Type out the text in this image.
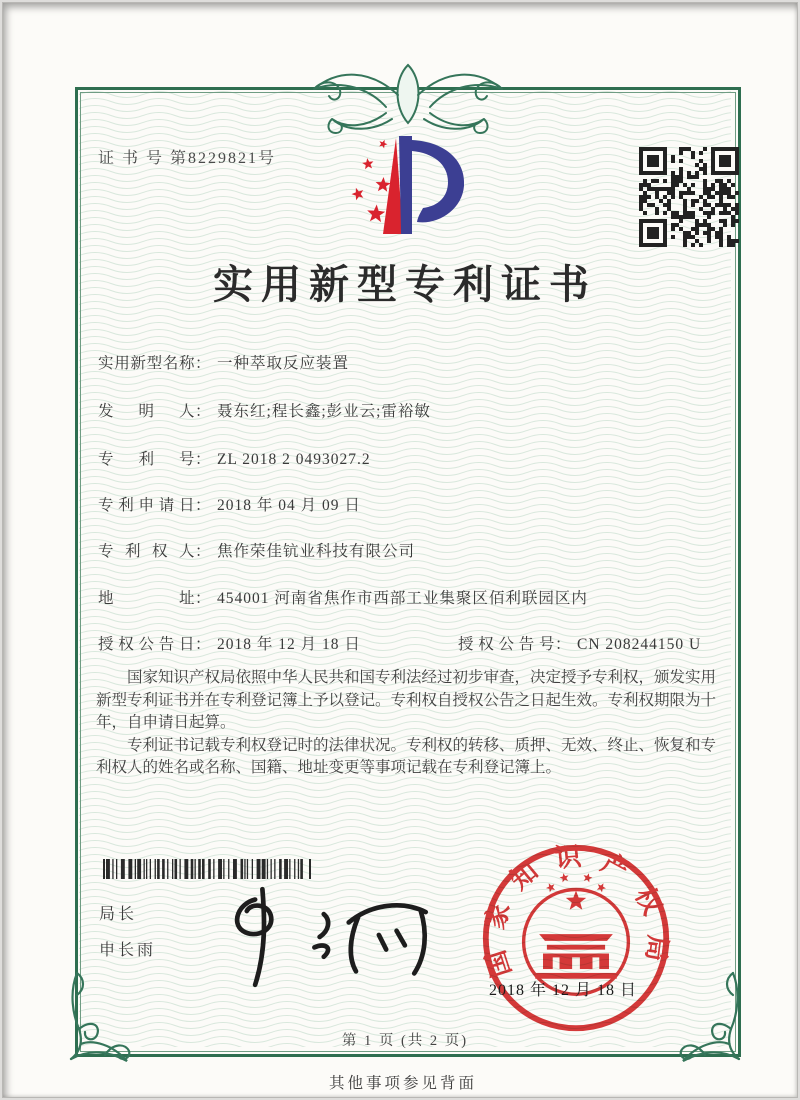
证 书 号 第8229821号
实用新型专利证书
实用新型名称： 一种萃取反应装置
发明人： 聂东红;程长鑫;彭业云;雷裕敏
专利号： ZL 2018 2 0493027.2
专利申请日： 2018 年 04 月 09 日
专利权人： 焦作荣佳钪业科技有限公司
地址： 454001 河南省焦作市西部工业集聚区佰利联园区内
授权公告日： 2018 年 12 月 18 日	授权公告号： CN 208244150 U

国家知识产权局依照中华人民共和国专利法经过初步审查，决定授予专利权，颁发实用新型专利证书并在专利登记簿上予以登记。专利权自授权公告之日起生效。专利权期限为十年，自申请日起算。

专利证书记载专利权登记时的法律状况。专利权的转移、质押、无效、终止、恢复和专利权人的姓名或名称、国籍、地址变更等事项记载在专利登记簿上。

局长
申长雨	国家知识产权局
2018 年 12 月 18 日
第 1 页 (共 2 页)
其他事项参见背面
